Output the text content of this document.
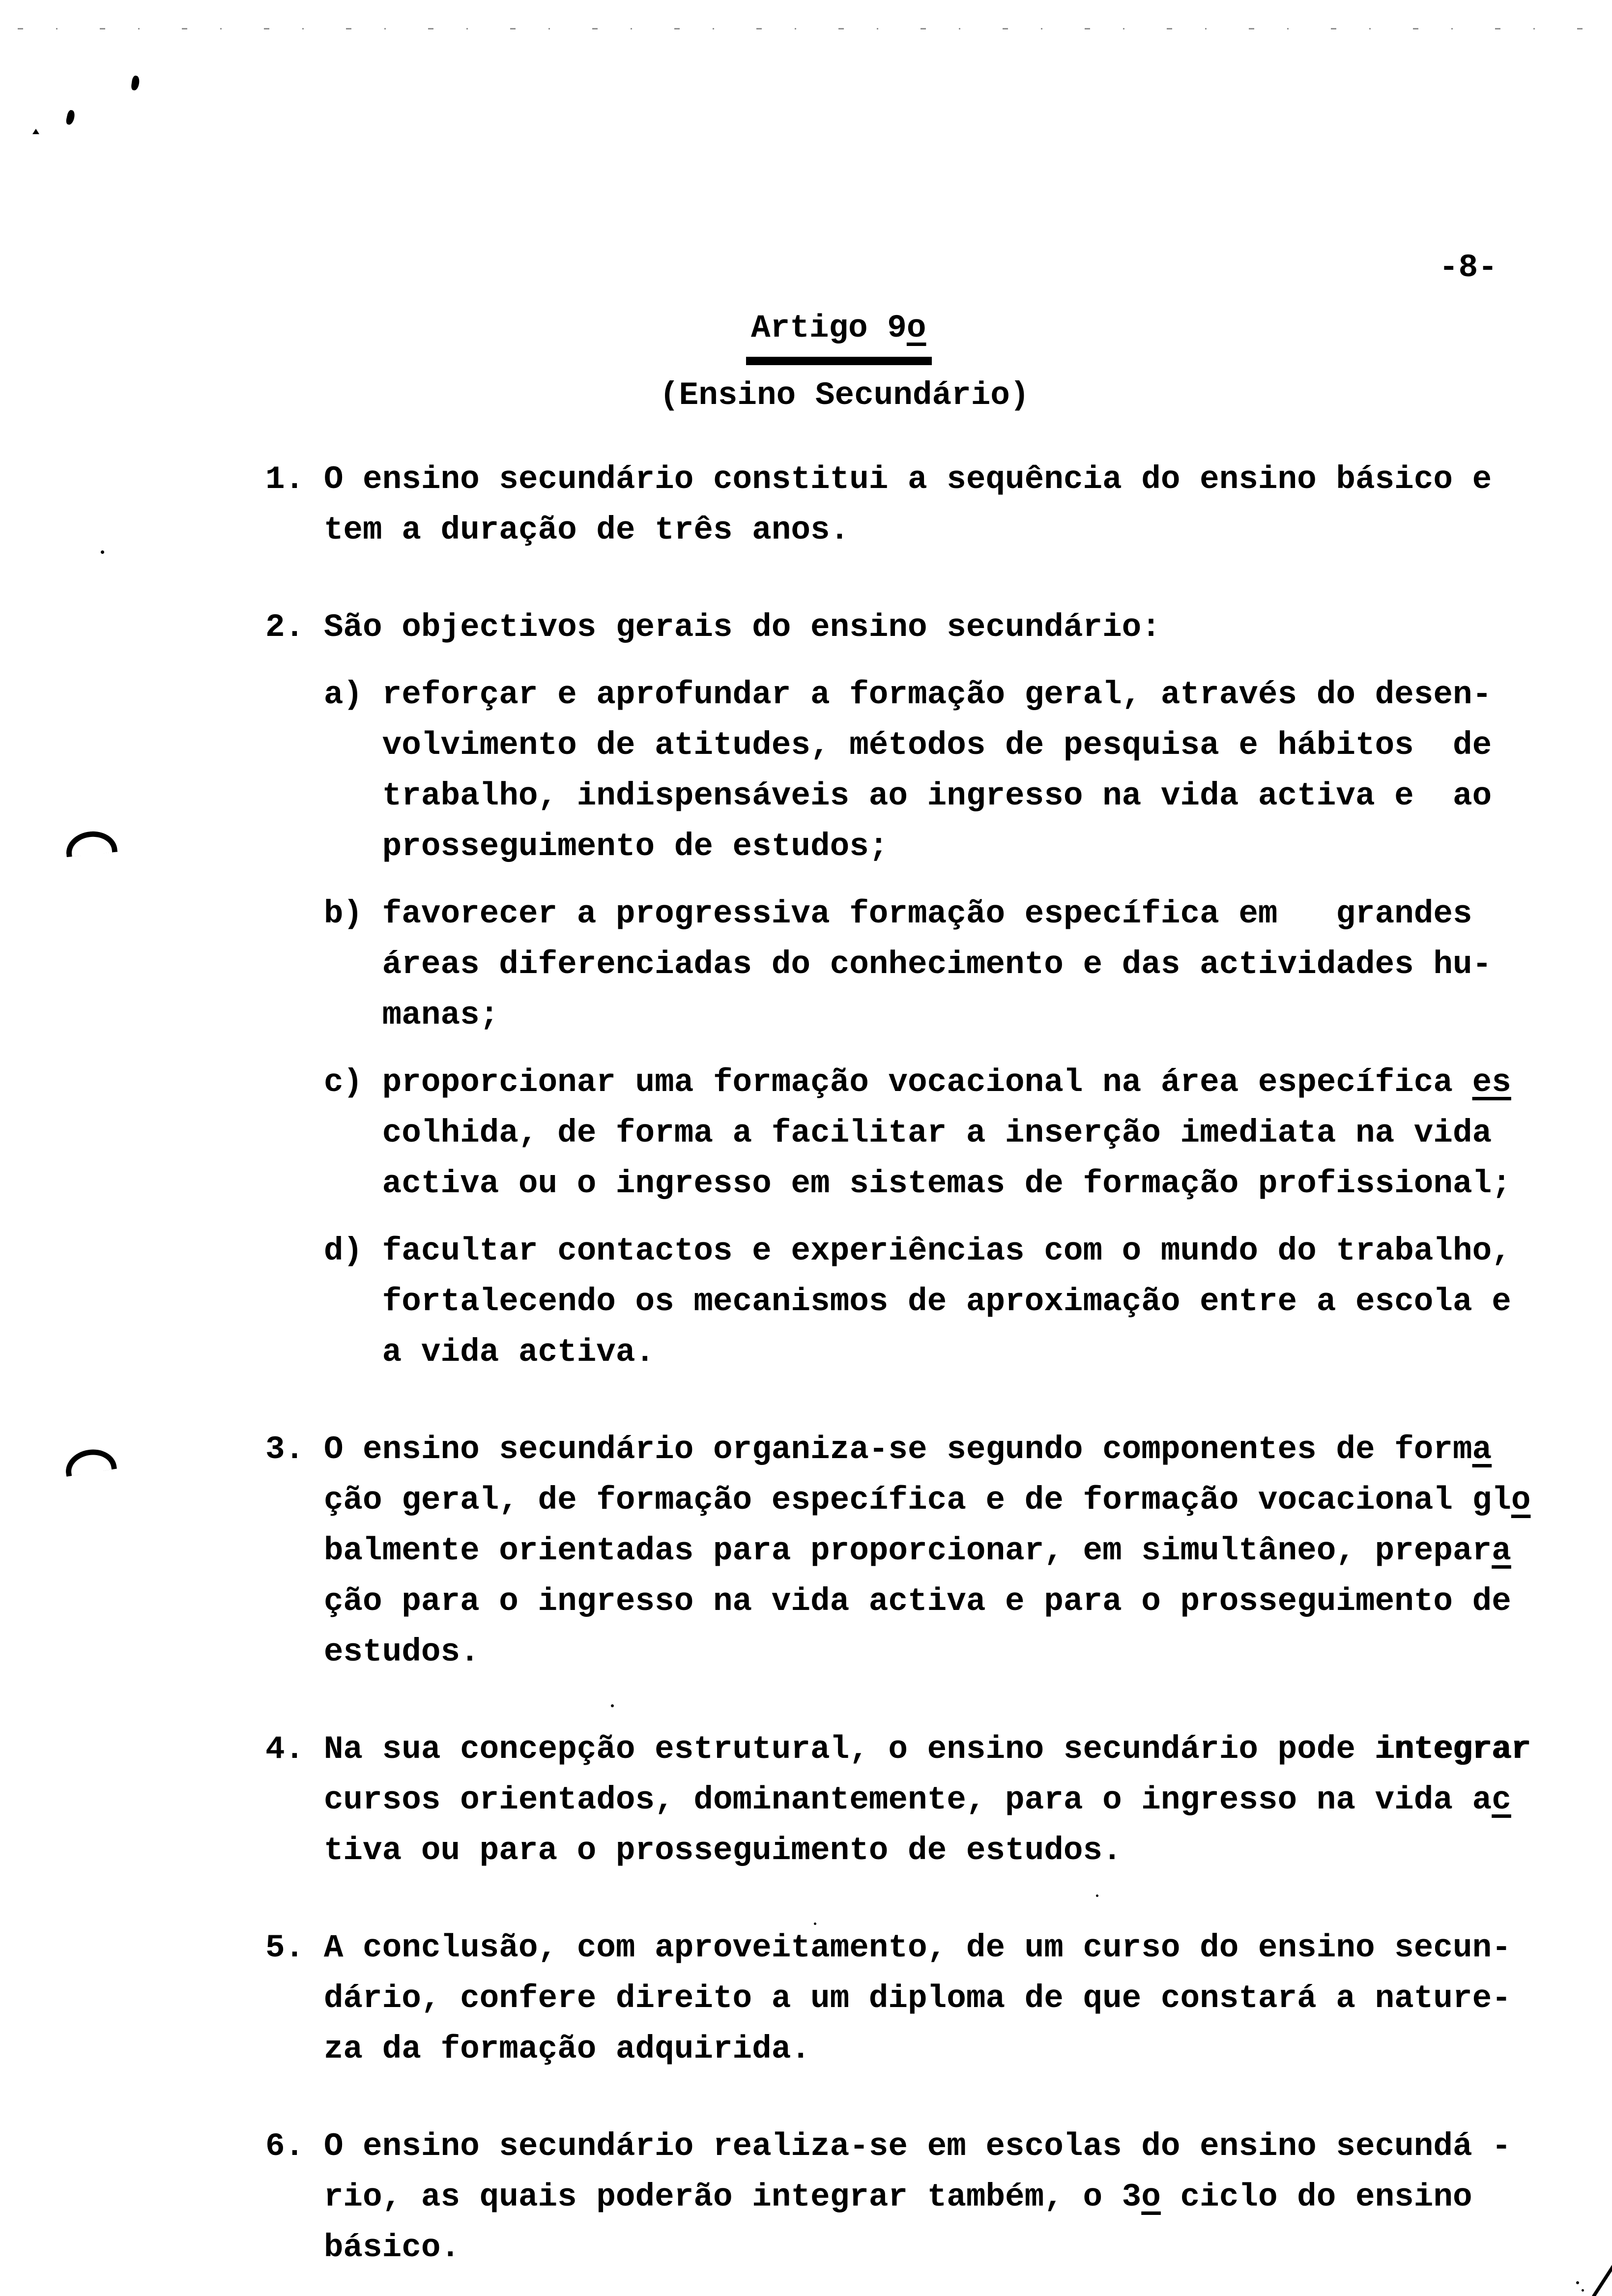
-8-
Artigo 9o
(Ensino Secundário)
1. O ensino secundário constitui a sequência do ensino básico e
tem a duração de três anos.
2. São objectivos gerais do ensino secundário:
a) reforçar e aprofundar a formação geral, através do desen-
volvimento de atitudes, métodos de pesquisa e hábitos  de
trabalho, indispensáveis ao ingresso na vida activa e  ao
prosseguimento de estudos;
b) favorecer a progressiva formação específica em   grandes
áreas diferenciadas do conhecimento e das actividades hu-
manas;
c) proporcionar uma formação vocacional na área específica es
colhida, de forma a facilitar a inserção imediata na vida
activa ou o ingresso em sistemas de formação profissional;
d) facultar contactos e experiências com o mundo do trabalho,
fortalecendo os mecanismos de aproximação entre a escola e
a vida activa.
3. O ensino secundário organiza-se segundo componentes de forma
ção geral, de formação específica e de formação vocacional glo
balmente orientadas para proporcionar, em simultâneo, prepara
ção para o ingresso na vida activa e para o prosseguimento de
estudos.
4. Na sua concepção estrutural, o ensino secundário pode integrar
cursos orientados, dominantemente, para o ingresso na vida ac
tiva ou para o prosseguimento de estudos.
5. A conclusão, com aproveitamento, de um curso do ensino secun-
dário, confere direito a um diploma de que constará a nature-
za da formação adquirida.
6. O ensino secundário realiza-se em escolas do ensino secundá -
rio, as quais poderão integrar também, o 3o ciclo do ensino
básico.
